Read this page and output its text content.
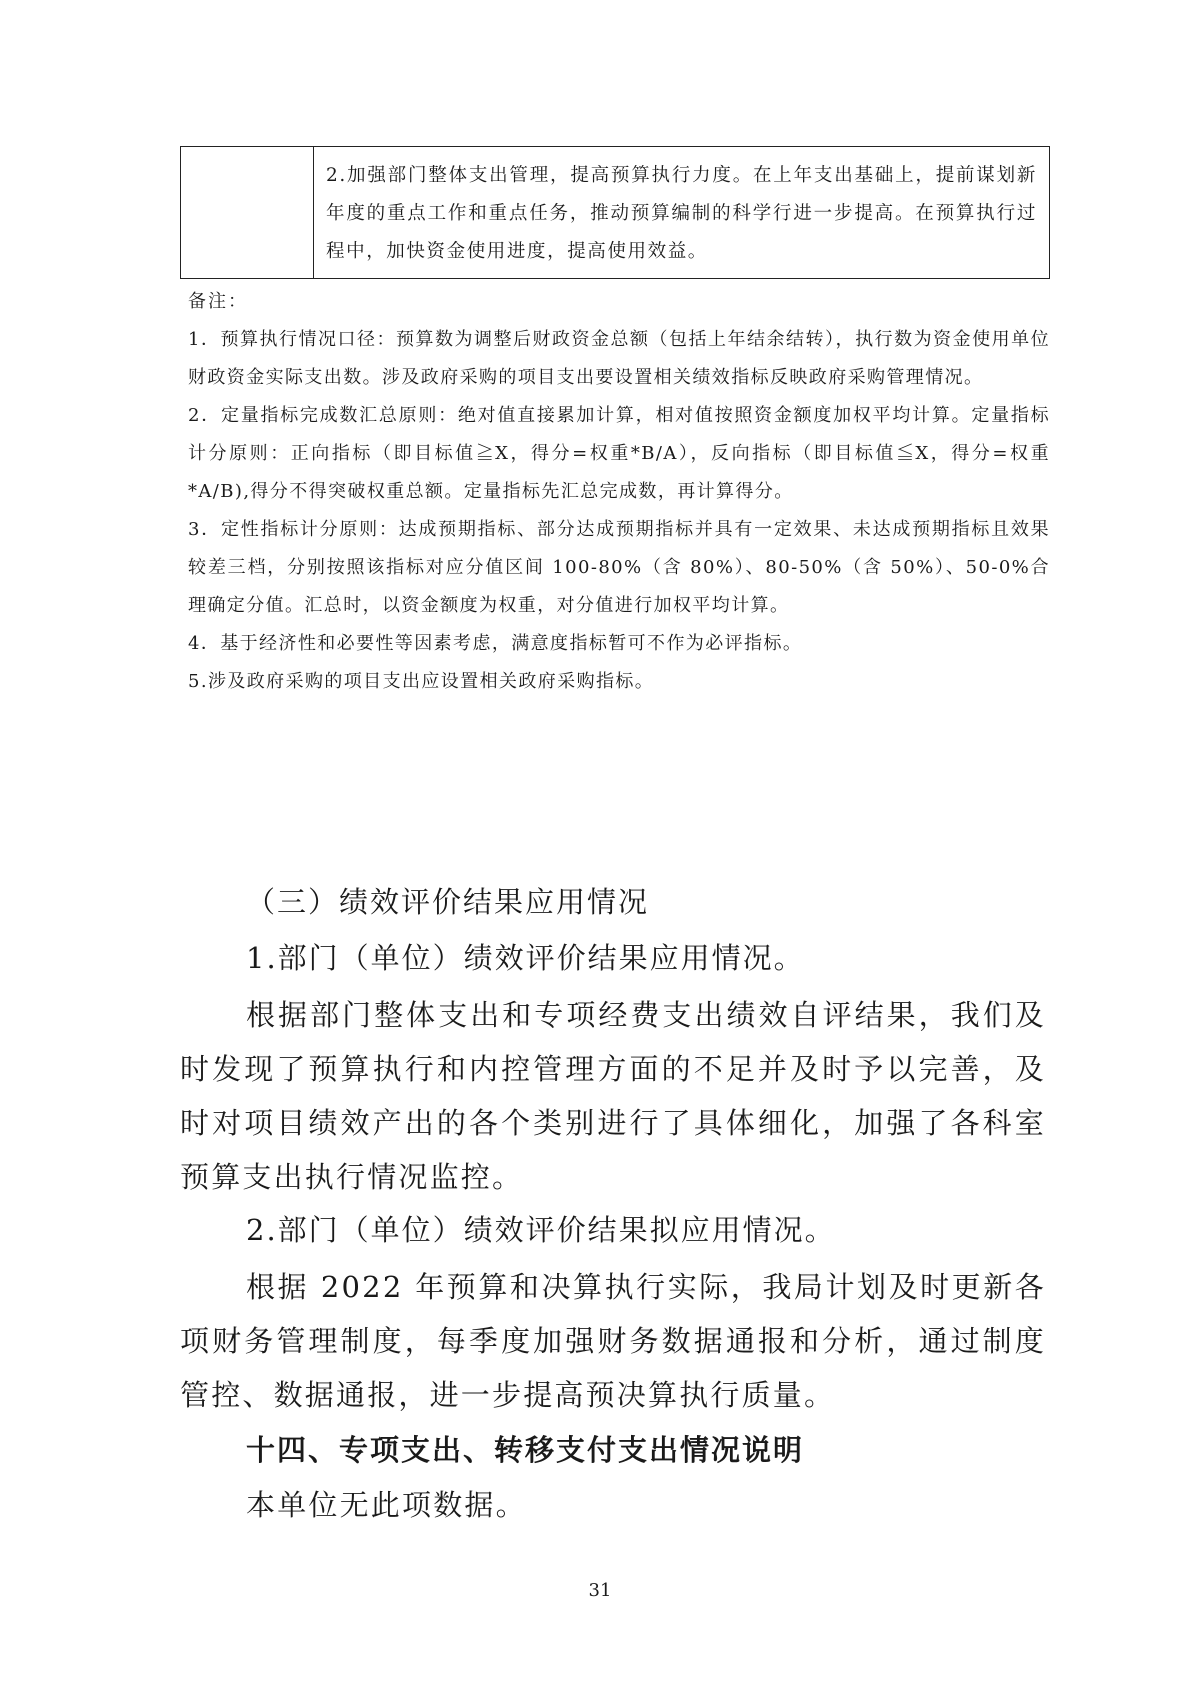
2.加强部门整体支出管理，提高预算执行力度。在上年支出基础上，提前谋划新年度的重点工作和重点任务，推动预算编制的科学行进一步提高。在预算执行过程中，加快资金使用进度，提高使用效益。
备注：

1．预算执行情况口径：预算数为调整后财政资金总额（包括上年结余结转），执行数为资金使用单位财政资金实际支出数。涉及政府采购的项目支出要设置相关绩效指标反映政府采购管理情况。

2．定量指标完成数汇总原则：绝对值直接累加计算，相对值按照资金额度加权平均计算。定量指标计分原则：正向指标（即目标值≧X，得分=权重*B/A），反向指标（即目标值≦X，得分=权重*A/B),得分不得突破权重总额。定量指标先汇总完成数，再计算得分。

3．定性指标计分原则：达成预期指标、部分达成预期指标并具有一定效果、未达成预期指标且效果较差三档，分别按照该指标对应分值区间 100-80%（含 80%）、80-50%（含 50%）、50-0%合理确定分值。汇总时，以资金额度为权重，对分值进行加权平均计算。

4．基于经济性和必要性等因素考虑，满意度指标暂可不作为必评指标。

5.涉及政府采购的项目支出应设置相关政府采购指标。

（三）绩效评价结果应用情况
1.部门（单位）绩效评价结果应用情况。

根据部门整体支出和专项经费支出绩效自评结果，我们及时发现了预算执行和内控管理方面的不足并及时予以完善，及时对项目绩效产出的各个类别进行了具体细化，加强了各科室预算支出执行情况监控。

2.部门（单位）绩效评价结果拟应用情况。

根据 2022 年预算和决算执行实际，我局计划及时更新各项财务管理制度，每季度加强财务数据通报和分析，通过制度管控、数据通报，进一步提高预决算执行质量。

十四、专项支出、转移支付支出情况说明

本单位无此项数据。

31
